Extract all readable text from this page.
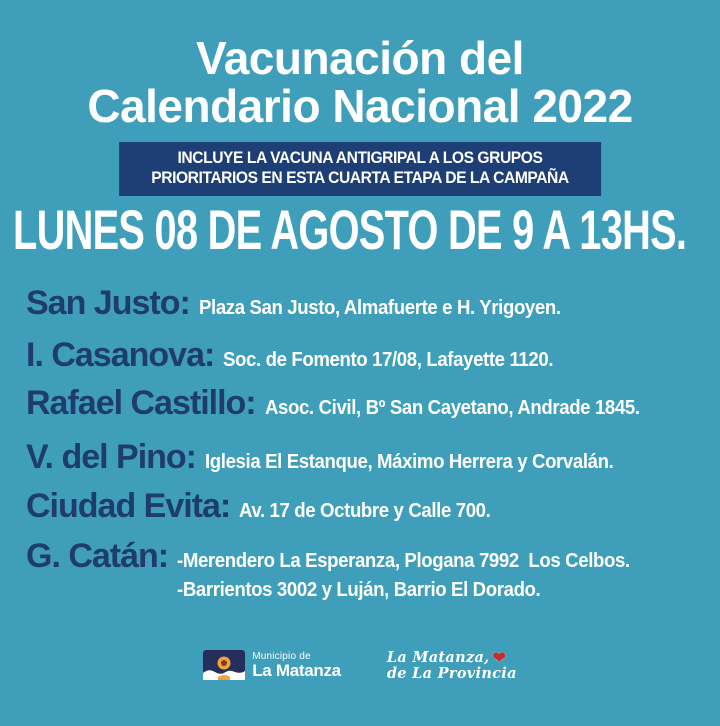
Vacunación del
Calendario Nacional 2022
INCLUYE LA VACUNA ANTIGRIPAL A LOS GRUPOS
PRIORITARIOS EN ESTA CUARTA ETAPA DE LA CAMPAÑA
LUNES 08 DE AGOSTO DE 9 A 13HS.
San Justo: Plaza San Justo, Almafuerte e H. Yrigoyen.
I. Casanova: Soc. de Fomento 17/08, Lafayette 1120.
Rafael Castillo: Asoc. Civil, Bº San Cayetano, Andrade 1845.
V. del Pino: Iglesia El Estanque, Máximo Herrera y Corvalán.
Ciudad Evita: Av. 17 de Octubre y Calle 700.
G. Catán: -Merendero La Esperanza, Plogana 7992  Los Celbos.
-Barrientos 3002 y Luján, Barrio El Dorado.
Municipio de
La Matanza
La Matanza, ❤
de La Provincia
